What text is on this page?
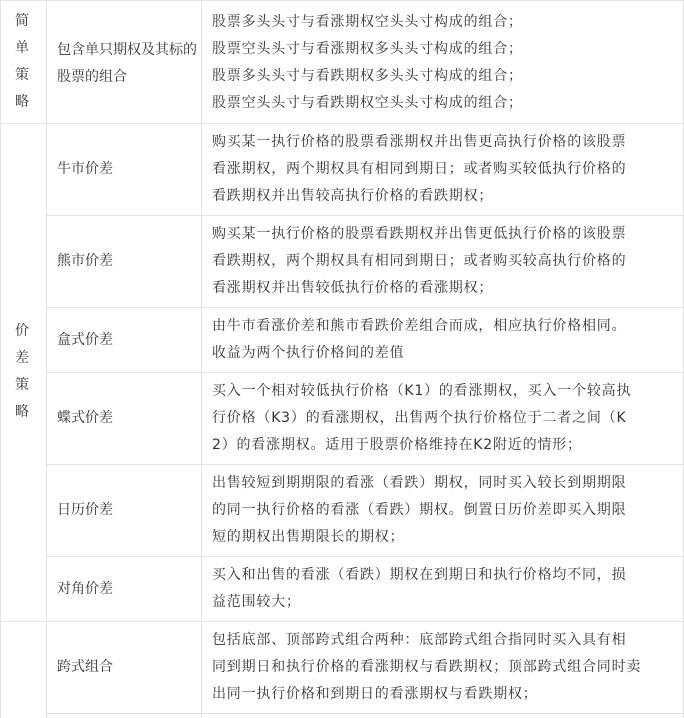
简
单
策
略
包含单只期权及其标的股票的组合
股票多头头寸与看涨期权空头头寸构成的组合；
股票空头头寸与看涨期权多头头寸构成的组合；
股票多头头寸与看跌期权多头头寸构成的组合；
股票空头头寸与看跌期权空头头寸构成的组合；
价
差
策
略
牛市价差
购买某一执行价格的股票看涨期权并出售更高执行价格的该股票
看涨期权，两个期权具有相同到期日；或者购买较低执行价格的
看跌期权并出售较高执行价格的看跌期权；
熊市价差
购买某一执行价格的股票看跌期权并出售更低执行价格的该股票
看跌期权，两个期权具有相同到期日；或者购买较高执行价格的
看涨期权并出售较低执行价格的看涨期权；
盒式价差
由牛市看涨价差和熊市看跌价差组合而成，相应执行价格相同。
收益为两个执行价格间的差值
蝶式价差
买入一个相对较低执行价格（K1）的看涨期权，买入一个较高执
行价格（K3）的看涨期权，出售两个执行价格位于二者之间（K
2）的看涨期权。适用于股票价格维持在K2附近的情形；
日历价差
出售较短到期期限的看涨（看跌）期权，同时买入较长到期期限
的同一执行价格的看涨（看跌）期权。倒置日历价差即买入期限
短的期权出售期限长的期权；
对角价差
买入和出售的看涨（看跌）期权在到期日和执行价格均不同，损
益范围较大；
跨式组合
包括底部、顶部跨式组合两种：底部跨式组合指同时买入具有相
同到期日和执行价格的看涨期权与看跌期权；顶部跨式组合同时卖
出同一执行价格和到期日的看涨期权与看跌期权；
